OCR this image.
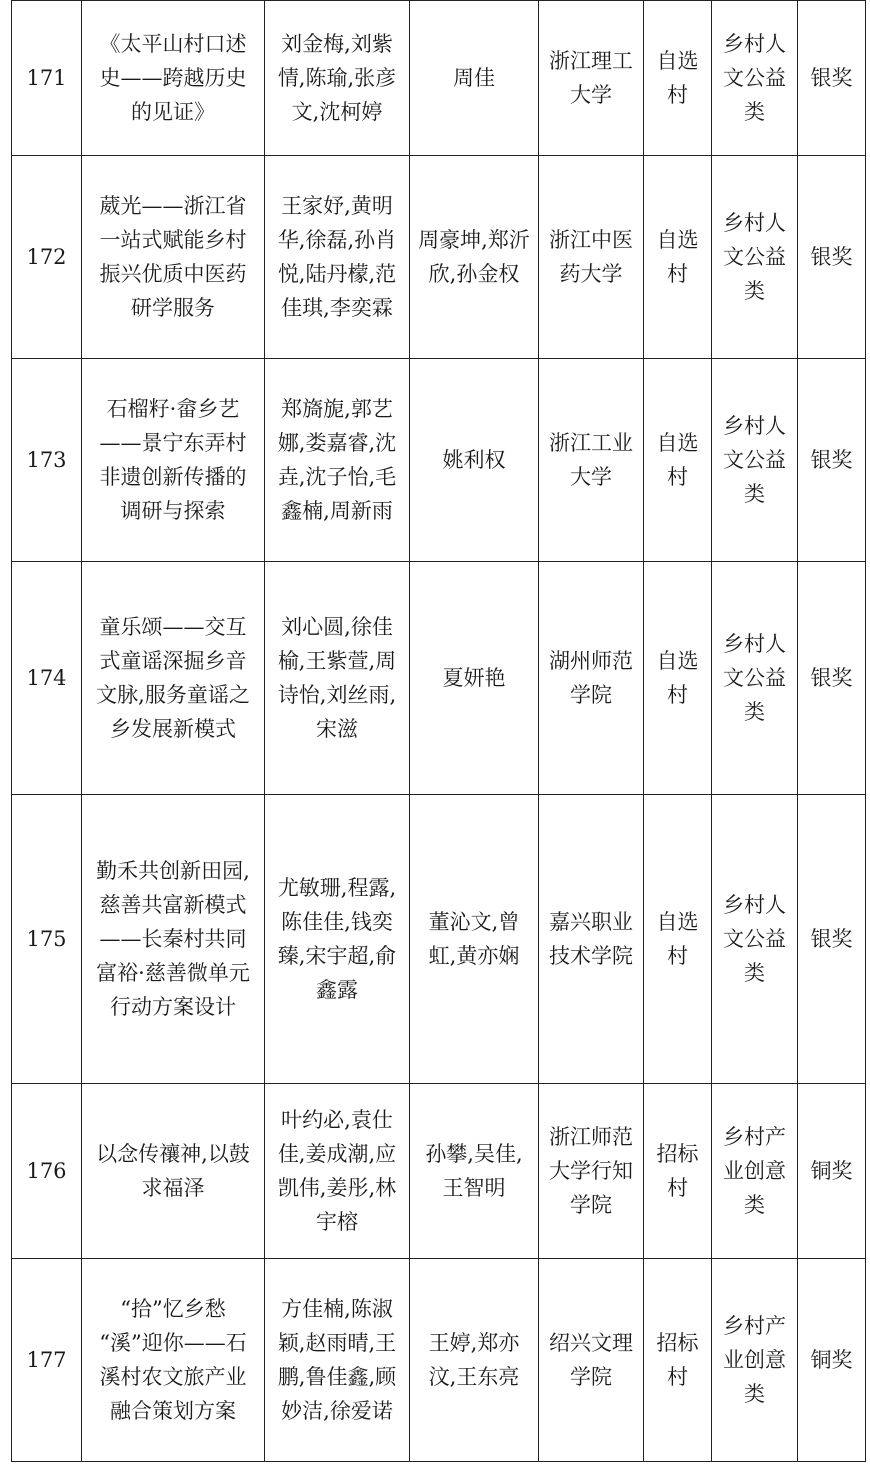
171	《太平山村口述史——跨越历史的见证》	刘金梅,刘紫情,陈瑜,张彦文,沈柯婷	周佳	浙江理工大学	自选村	乡村人文公益类	银奖
172	葳光——浙江省一站式赋能乡村振兴优质中医药研学服务	王家妤,黄明华,徐磊,孙肖悦,陆丹檬,范佳琪,李奕霖	周豪坤,郑沂欣,孙金权	浙江中医药大学	自选村	乡村人文公益类	银奖
173	石榴籽·畲乡艺——景宁东弄村非遗创新传播的调研与探索	郑旖旎,郭艺娜,娄嘉睿,沈垚,沈子怡,毛鑫楠,周新雨	姚利权	浙江工业大学	自选村	乡村人文公益类	银奖
174	童乐颂——交互式童谣深掘乡音文脉,服务童谣之乡发展新模式	刘心圆,徐佳榆,王紫萱,周诗怡,刘丝雨,宋滋	夏妍艳	湖州师范学院	自选村	乡村人文公益类	银奖
175	勤禾共创新田园,慈善共富新模式 ——长秦村共同富裕·慈善微单元行动方案设计	尤敏珊,程露,陈佳佳,钱奕臻,宋宇超,俞鑫露	董沁文,曾虹,黄亦娴	嘉兴职业技术学院	自选村	乡村人文公益类	银奖
176	以念传禳神,以鼓求福泽	叶约必,袁仕佳,姜成潮,应凯伟,姜彤,林宇榕	孙攀,吴佳,王智明	浙江师范大学行知学院	招标村	乡村产业创意类	铜奖
177	“拾”忆乡愁 “溪”迎你——石溪村农文旅产业融合策划方案	方佳楠,陈淑颖,赵雨晴,王鹏,鲁佳鑫,顾妙洁,徐爱诺	王婷,郑亦汶,王东亮	绍兴文理学院	招标村	乡村产业创意类	铜奖
